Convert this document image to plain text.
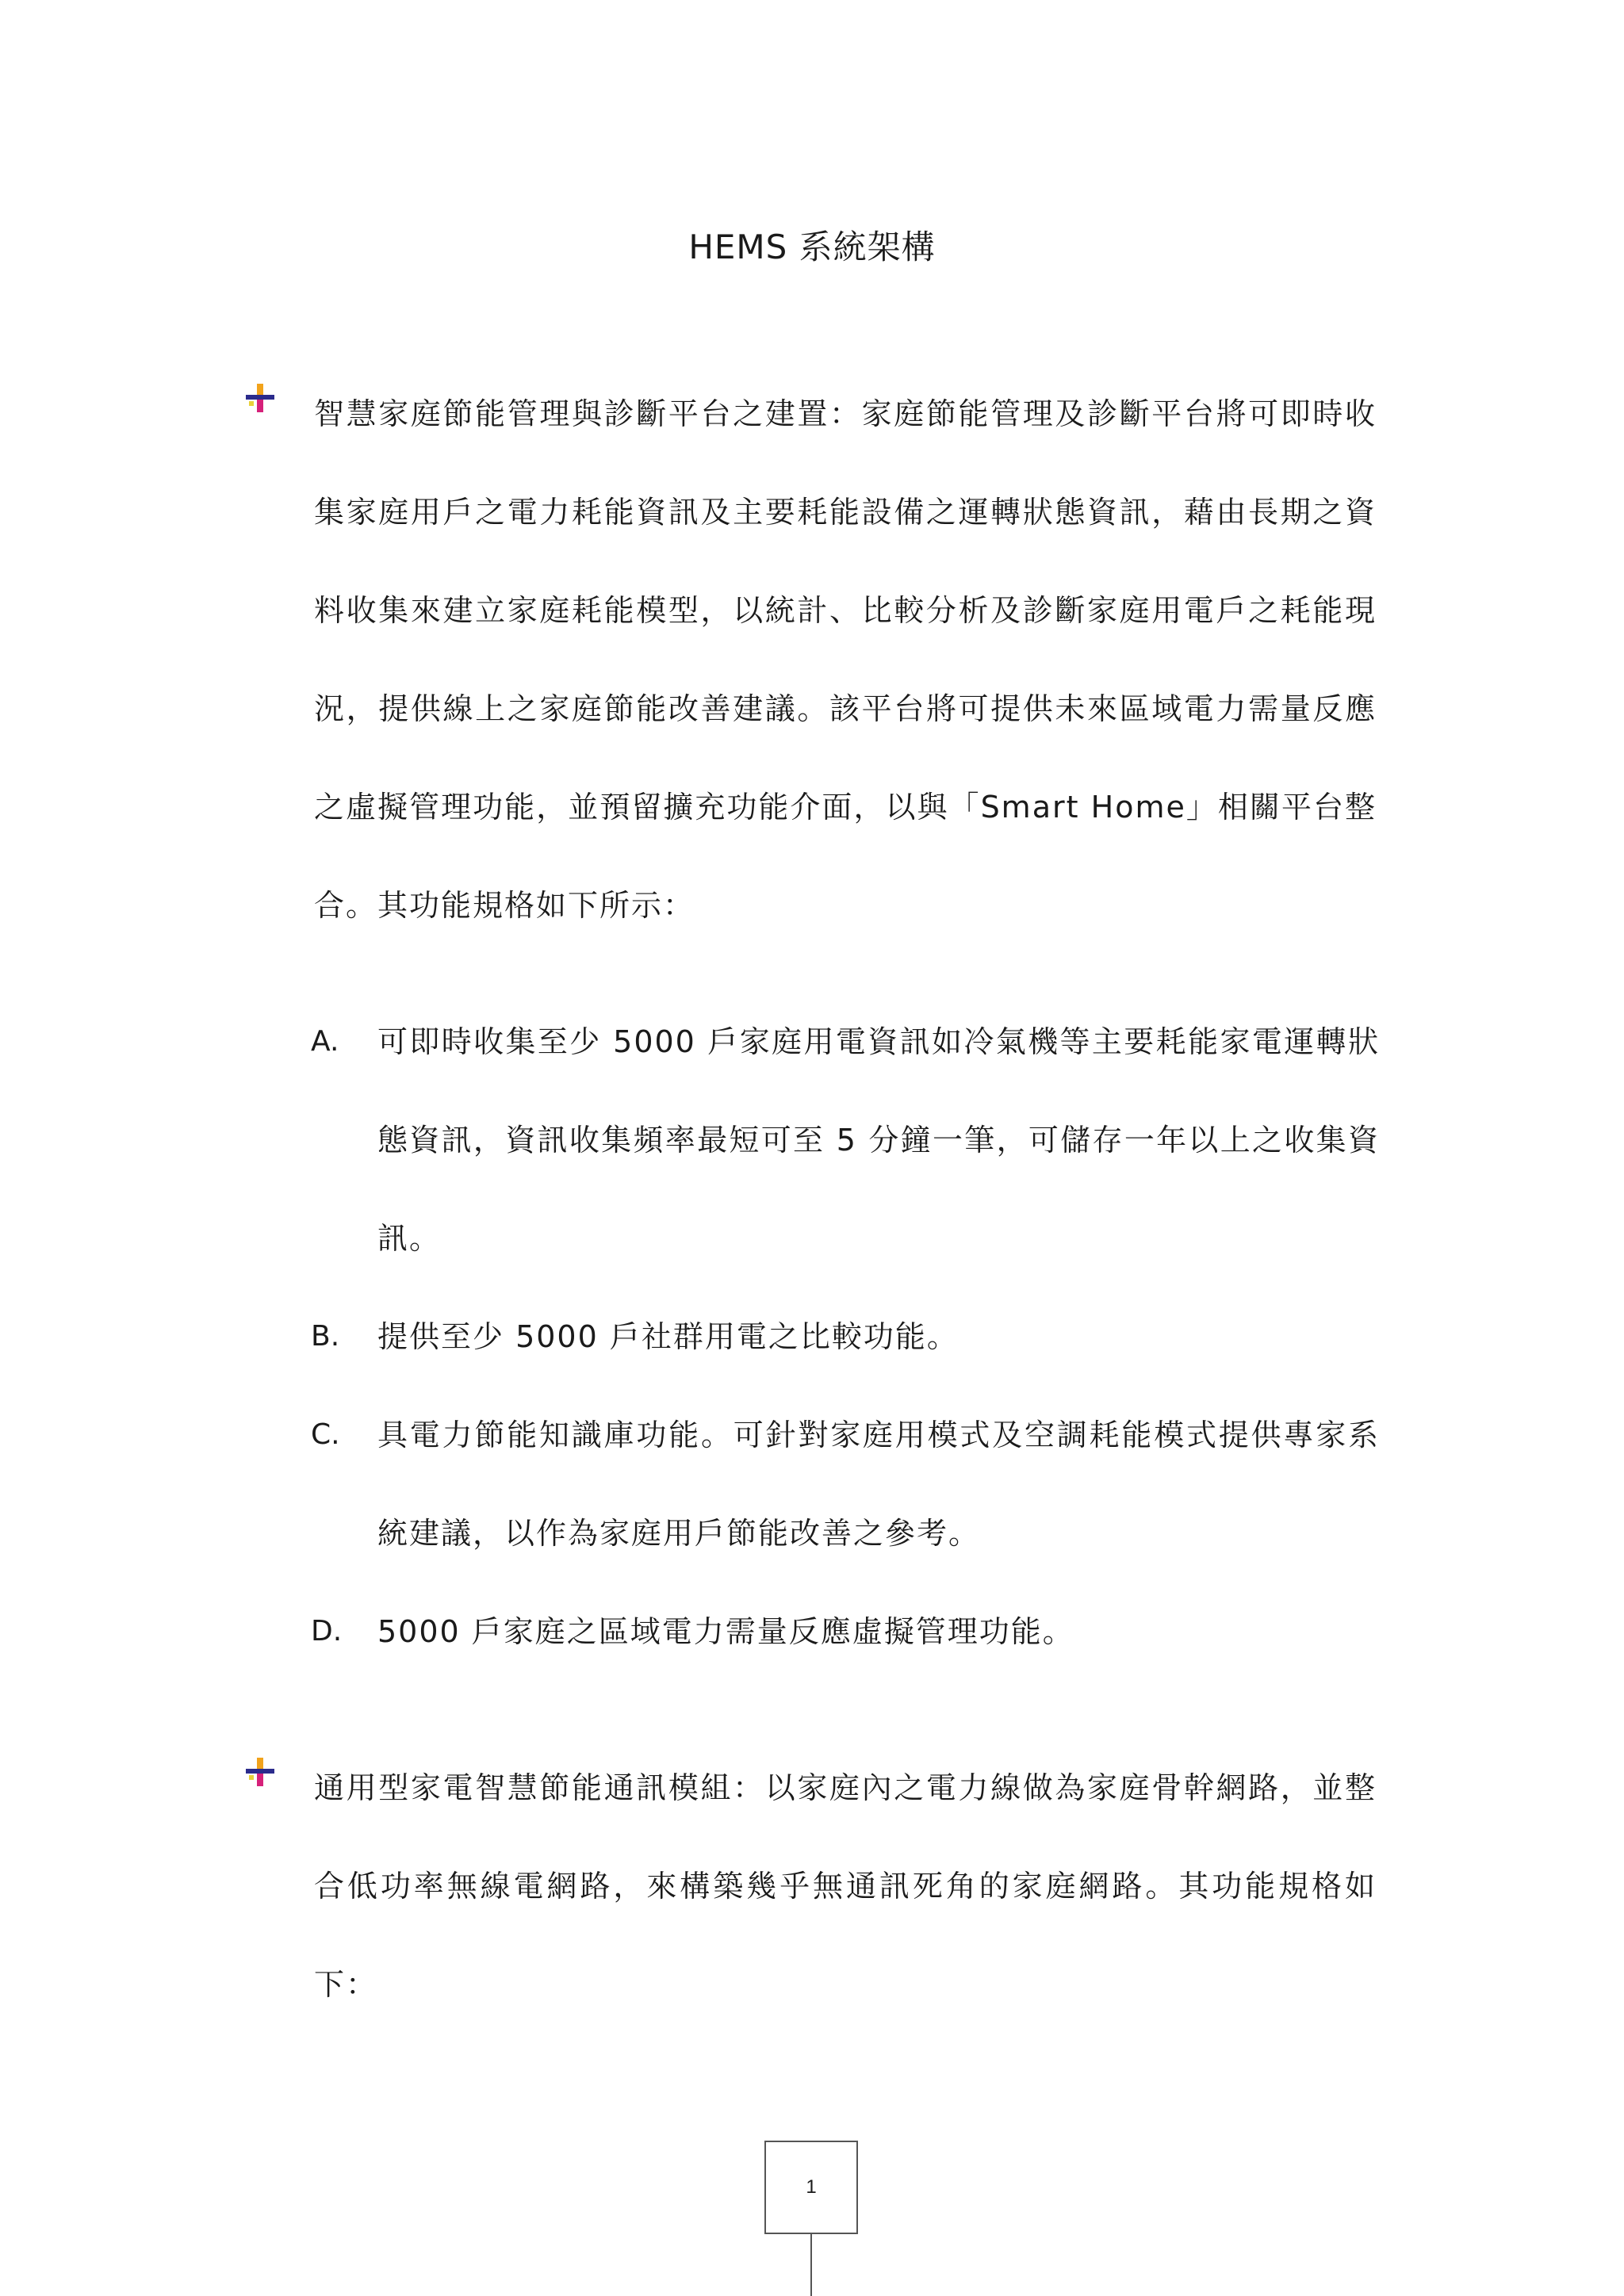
HEMS 系統架構
智慧家庭節能管理與診斷平台之建置：家庭節能管理及診斷平台將可即時收集家庭用戶之電力耗能資訊及主要耗能設備之運轉狀態資訊，藉由長期之資料收集來建立家庭耗能模型，以統計、比較分析及診斷家庭用電戶之耗能現況，提供線上之家庭節能改善建議。該平台將可提供未來區域電力需量反應之虛擬管理功能，並預留擴充功能介面，以與「Smart Home」相關平台整合。其功能規格如下所示：
A.	可即時收集至少 5000 戶家庭用電資訊如冷氣機等主要耗能家電運轉狀態資訊，資訊收集頻率最短可至 5 分鐘一筆，可儲存一年以上之收集資訊。
B.	提供至少 5000 戶社群用電之比較功能。
C.	具電力節能知識庫功能。可針對家庭用模式及空調耗能模式提供專家系統建議，以作為家庭用戶節能改善之參考。
D.	5000 戶家庭之區域電力需量反應虛擬管理功能。
通用型家電智慧節能通訊模組：以家庭內之電力線做為家庭骨幹網路，並整合低功率無線電網路，來構築幾乎無通訊死角的家庭網路。其功能規格如下：
1
